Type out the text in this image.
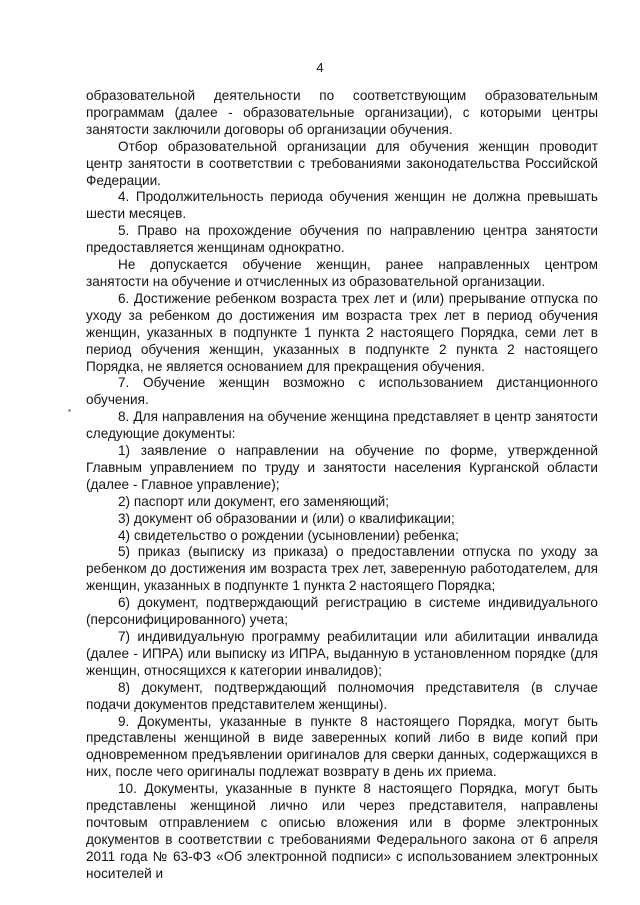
4

образовательной деятельности по соответствующим образовательным программам (далее - образовательные организации), с которыми центры занятости заключили договоры об организации обучения.

Отбор образовательной организации для обучения женщин проводит центр занятости в соответствии с требованиями законодательства Российской Федерации.

4. Продолжительность периода обучения женщин не должна превышать шести месяцев.

5. Право на прохождение обучения по направлению центра занятости предоставляется женщинам однократно.

Не допускается обучение женщин, ранее направленных центром занятости на обучение и отчисленных из образовательной организации.

6. Достижение ребенком возраста трех лет и (или) прерывание отпуска по уходу за ребенком до достижения им возраста трех лет в период обучения женщин, указанных в подпункте 1 пункта 2 настоящего Порядка, семи лет в период обучения женщин, указанных в подпункте 2 пункта 2 настоящего Порядка, не является основанием для прекращения обучения.

7. Обучение женщин возможно с использованием дистанционного обучения.

8. Для направления на обучение женщина представляет в центр занятости следующие документы:

1) заявление о направлении на обучение по форме, утвержденной Главным управлением по труду и занятости населения Курганской области (далее - Главное управление);

2) паспорт или документ, его заменяющий;

3) документ об образовании и (или) о квалификации;

4) свидетельство о рождении (усыновлении) ребенка;

5) приказ (выписку из приказа) о предоставлении отпуска по уходу за ребенком до достижения им возраста трех лет, заверенную работодателем, для женщин, указанных в подпункте 1 пункта 2 настоящего Порядка;

6) документ, подтверждающий регистрацию в системе индивидуального (персонифицированного) учета;

7) индивидуальную программу реабилитации или абилитации инвалида (далее - ИПРА) или выписку из ИПРА, выданную в установленном порядке (для женщин, относящихся к категории инвалидов);

8) документ, подтверждающий полномочия представителя (в случае подачи документов представителем женщины).

9. Документы, указанные в пункте 8 настоящего Порядка, могут быть представлены женщиной в виде заверенных копий либо в виде копий при одновременном предъявлении оригиналов для сверки данных, содержащихся в них, после чего оригиналы подлежат возврату в день их приема.

10. Документы, указанные в пункте 8 настоящего Порядка, могут быть представлены женщиной лично или через представителя, направлены почтовым отправлением с описью вложения или в форме электронных документов в соответствии с требованиями Федерального закона от 6 апреля 2011 года № 63-ФЗ «Об электронной подписи» с использованием электронных носителей и
